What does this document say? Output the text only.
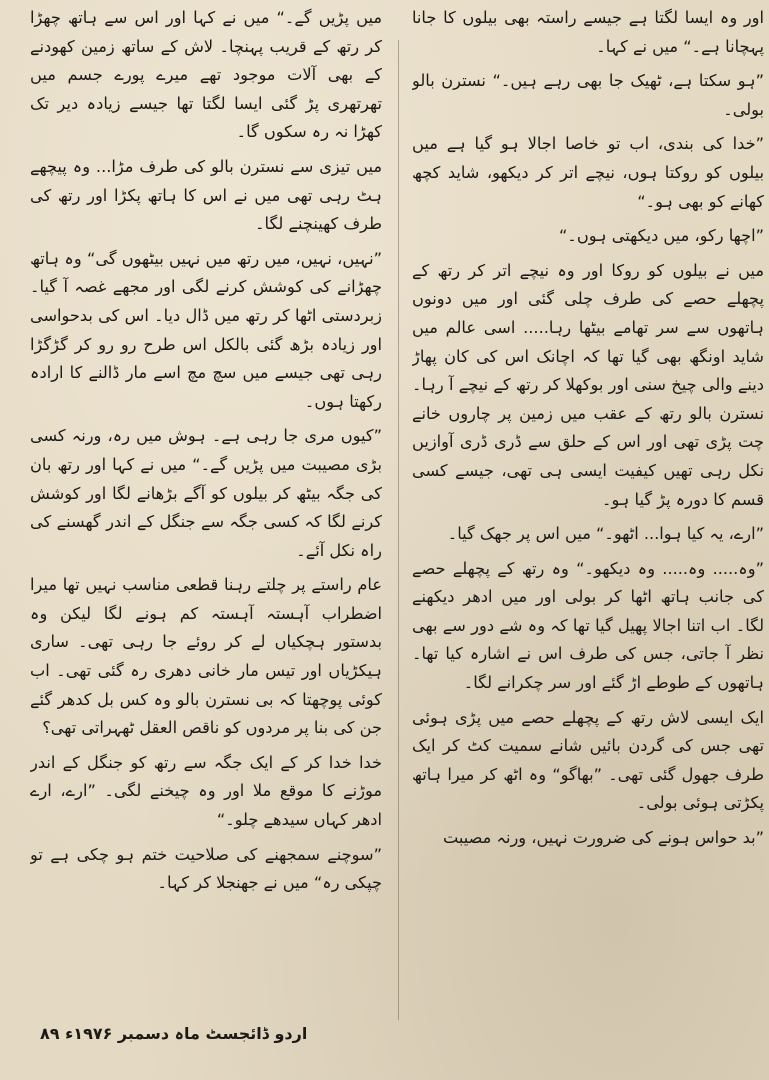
اور وہ ایسا لگتا ہے جیسے راستہ بھی بیلوں کا جانا پہچانا ہے۔“ میں نے کہا۔

”ہو سکتا ہے، ٹھیک جا بھی رہے ہیں۔“ نسترن بالو بولی۔

”خدا کی بندی، اب تو خاصا اجالا ہو گیا ہے میں بیلوں کو روکتا ہوں، نیچے اتر کر دیکھو، شاید کچھ کھانے کو بھی ہو۔“

”اچھا رکو، میں دیکھتی ہوں۔“

میں نے بیلوں کو روکا اور وہ نیچے اتر کر رتھ کے پچھلے حصے کی طرف چلی گئی اور میں دونوں ہاتھوں سے سر تھامے بیٹھا رہا..... اسی عالم میں شاید اونگھ بھی گیا تھا کہ اچانک اس کی کان پھاڑ دینے والی چیخ سنی اور بوکھلا کر رتھ کے نیچے آ رہا۔ نسترن بالو رتھ کے عقب میں زمین پر چاروں خانے چت پڑی تھی اور اس کے حلق سے ڈری ڈری آوازیں نکل رہی تھیں کیفیت ایسی ہی تھی، جیسے کسی قسم کا دورہ پڑ گیا ہو۔

”ارے، یہ کیا ہوا... اٹھو۔“ میں اس پر جھک گیا۔

”وہ..... وہ..... وہ دیکھو۔“ وہ رتھ کے پچھلے حصے کی جانب ہاتھ اٹھا کر بولی اور میں ادھر دیکھنے لگا۔ اب اتنا اجالا پھیل گیا تھا کہ وہ شے دور سے بھی نظر آ جاتی، جس کی طرف اس نے اشارہ کیا تھا۔ ہاتھوں کے طوطے اڑ گئے اور سر چکرانے لگا۔

ایک ایسی لاش رتھ کے پچھلے حصے میں پڑی ہوئی تھی جس کی گردن بائیں شانے سمیت کٹ کر ایک طرف جھول گئی تھی۔ ”بھاگو“ وہ اٹھ کر میرا ہاتھ پکڑتی ہوئی بولی۔

”بد حواس ہونے کی ضرورت نہیں، ورنہ مصیبت

میں پڑیں گے۔“ میں نے کہا اور اس سے ہاتھ چھڑا کر رتھ کے قریب پہنچا۔ لاش کے ساتھ زمین کھودنے کے بھی آلات موجود تھے میرے پورے جسم میں تھرتھری پڑ گئی ایسا لگتا تھا جیسے زیادہ دیر تک کھڑا نہ رہ سکوں گا۔

میں تیزی سے نسترن بالو کی طرف مڑا... وہ پیچھے ہٹ رہی تھی میں نے اس کا ہاتھ پکڑا اور رتھ کی طرف کھینچنے لگا۔

”نہیں، نہیں، میں رتھ میں نہیں بیٹھوں گی“ وہ ہاتھ چھڑانے کی کوشش کرنے لگی اور مجھے غصہ آ گیا۔ زبردستی اٹھا کر رتھ میں ڈال دیا۔ اس کی بدحواسی اور زیادہ بڑھ گئی بالکل اس طرح رو رو کر گڑگڑا رہی تھی جیسے میں سچ مچ اسے مار ڈالنے کا ارادہ رکھتا ہوں۔

”کیوں مری جا رہی ہے۔ ہوش میں رہ، ورنہ کسی بڑی مصیبت میں پڑیں گے۔“ میں نے کہا اور رتھ بان کی جگہ بیٹھ کر بیلوں کو آگے بڑھانے لگا اور کوشش کرنے لگا کہ کسی جگہ سے جنگل کے اندر گھسنے کی راہ نکل آئے۔

عام راستے پر چلتے رہنا قطعی مناسب نہیں تھا میرا اضطراب آہستہ آہستہ کم ہونے لگا لیکن وہ بدستور ہچکیاں لے کر روئے جا رہی تھی۔ ساری ہیکڑیاں اور تیس مار خانی دھری رہ گئی تھی۔ اب کوئی پوچھتا کہ بی نسترن بالو وہ کس بل کدھر گئے جن کی بنا پر مردوں کو ناقص العقل ٹھہراتی تھی؟

خدا خدا کر کے ایک جگہ سے رتھ کو جنگل کے اندر موڑنے کا موقع ملا اور وہ چیخنے لگی۔ ”ارے، ارے ادھر کہاں سیدھے چلو۔“

”سوچنے سمجھنے کی صلاحیت ختم ہو چکی ہے تو چپکی رہ“ میں نے جھنجلا کر کہا۔

اردو ڈائجسٹ ماہ دسمبر ۱۹۷۶ء ۸۹
